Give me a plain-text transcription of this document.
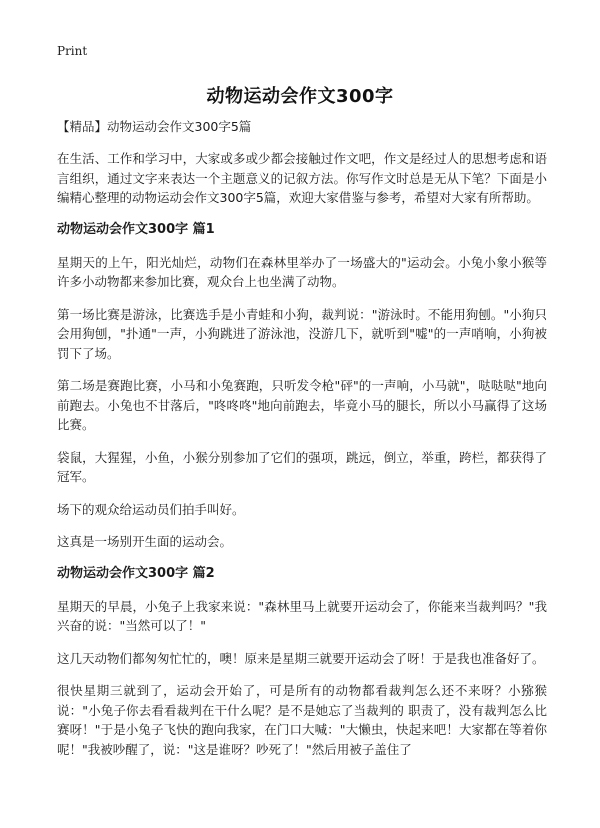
Print
动物运动会作文300字
【精品】动物运动会作文300字5篇

在生活、工作和学习中，大家或多或少都会接触过作文吧，作文是经过人的思想考虑和语言组织，通过文字来表达一个主题意义的记叙方法。你写作文时总是无从下笔？下面是小编精心整理的动物运动会作文300字5篇，欢迎大家借鉴与参考，希望对大家有所帮助。

动物运动会作文300字 篇1

星期天的上午，阳光灿烂，动物们在森林里举办了一场盛大的"运动会。小兔小象小猴等许多小动物都来参加比赛，观众台上也坐满了动物。

第一场比赛是游泳，比赛选手是小青蛙和小狗，裁判说："游泳时。不能用狗刨。"小狗只会用狗刨，"扑通"一声，小狗跳进了游泳池，没游几下，就听到"嘘"的一声哨响，小狗被罚下了场。

第二场是赛跑比赛，小马和小兔赛跑，只听发令枪"砰"的一声响，小马就"，哒哒哒"地向前跑去。小兔也不甘落后，"咚咚咚"地向前跑去，毕竟小马的腿长，所以小马赢得了这场比赛。

袋鼠，大猩猩，小鱼，小猴分别参加了它们的强项，跳远，倒立，举重，跨栏，都获得了冠军。

场下的观众给运动员们拍手叫好。

这真是一场别开生面的运动会。

动物运动会作文300字 篇2

星期天的早晨，小兔子上我家来说："森林里马上就要开运动会了，你能来当裁判吗？"我兴奋的说："当然可以了！"

这几天动物们都匆匆忙忙的，噢！原来是星期三就要开运动会了呀！于是我也准备好了。

很快星期三就到了，运动会开始了，可是所有的动物都看裁判怎么还不来呀？小猕猴说："小兔子你去看看裁判在干什么呢？是不是她忘了当裁判的 职责了，没有裁判怎么比赛呀！"于是小兔子飞快的跑向我家，在门口大喊："大懒虫，快起来吧！大家都在等着你呢！"我被吵醒了，说："这是谁呀？吵死了！"然后用被子盖住了
